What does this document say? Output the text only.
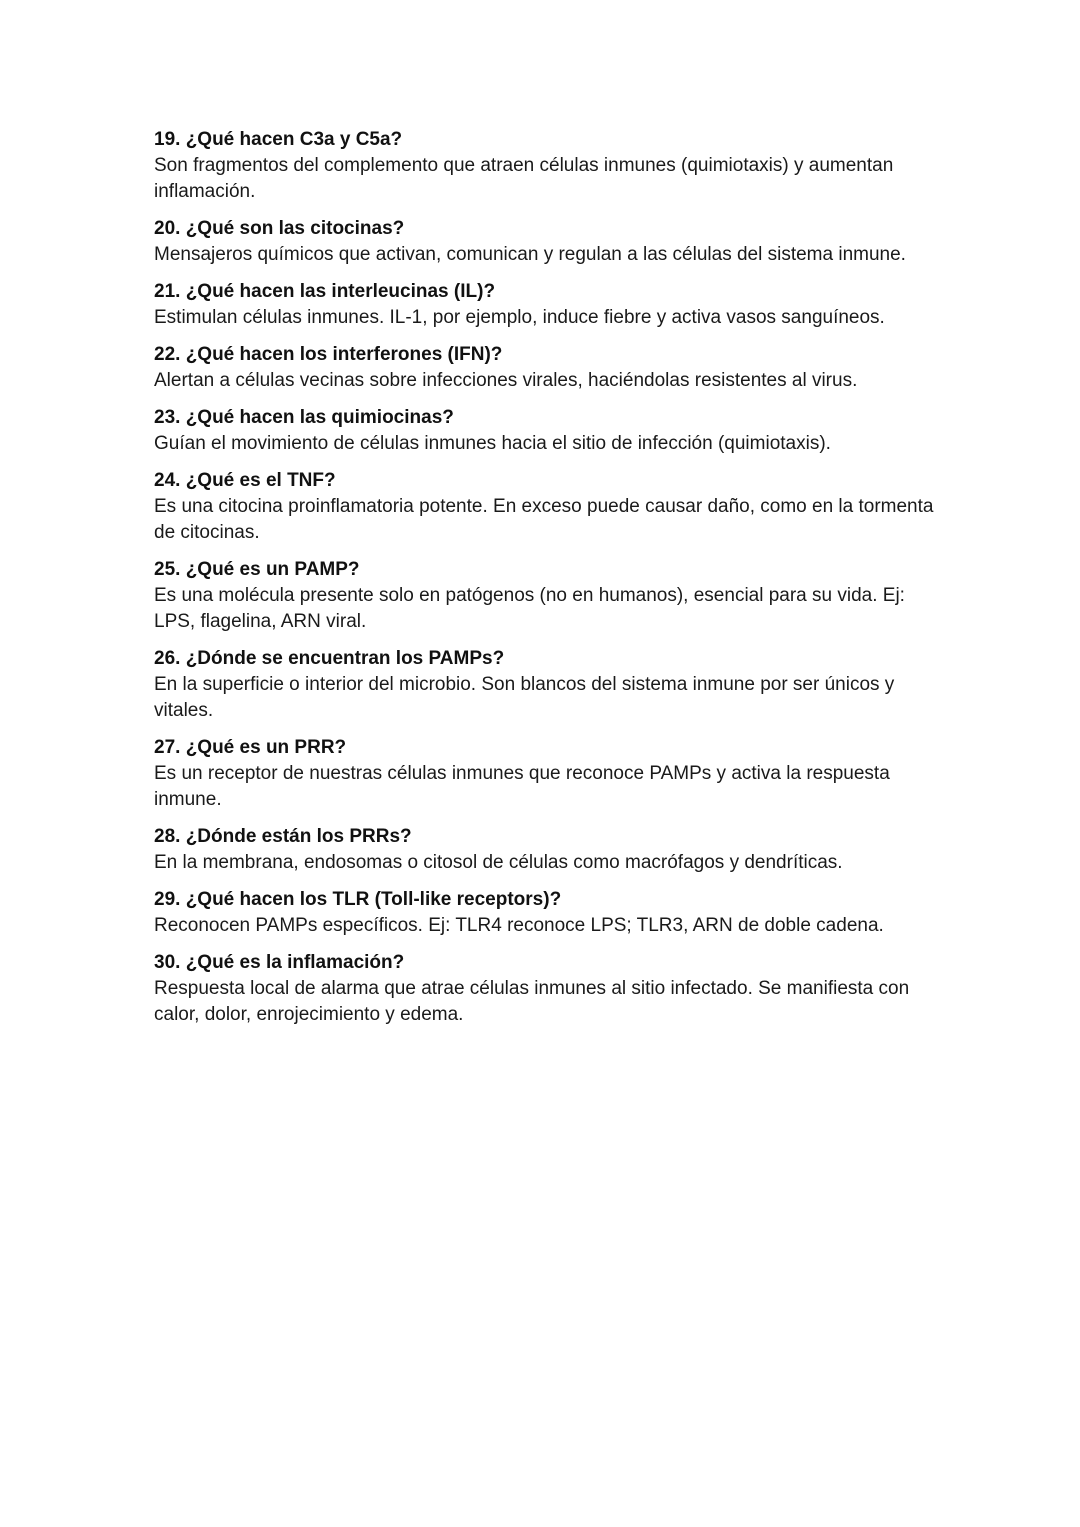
19. ¿Qué hacen C3a y C5a?

Son fragmentos del complemento que atraen células inmunes (quimiotaxis) y aumentan inflamación.

20. ¿Qué son las citocinas?

Mensajeros químicos que activan, comunican y regulan a las células del sistema inmune.

21. ¿Qué hacen las interleucinas (IL)?

Estimulan células inmunes. IL-1, por ejemplo, induce fiebre y activa vasos sanguíneos.

22. ¿Qué hacen los interferones (IFN)?

Alertan a células vecinas sobre infecciones virales, haciéndolas resistentes al virus.

23. ¿Qué hacen las quimiocinas?

Guían el movimiento de células inmunes hacia el sitio de infección (quimiotaxis).

24. ¿Qué es el TNF?

Es una citocina proinflamatoria potente. En exceso puede causar daño, como en la tormenta de citocinas.

25. ¿Qué es un PAMP?

Es una molécula presente solo en patógenos (no en humanos), esencial para su vida. Ej: LPS, flagelina, ARN viral.

26. ¿Dónde se encuentran los PAMPs?

En la superficie o interior del microbio. Son blancos del sistema inmune por ser únicos y vitales.

27. ¿Qué es un PRR?

Es un receptor de nuestras células inmunes que reconoce PAMPs y activa la respuesta inmune.

28. ¿Dónde están los PRRs?

En la membrana, endosomas o citosol de células como macrófagos y dendríticas.

29. ¿Qué hacen los TLR (Toll-like receptors)?

Reconocen PAMPs específicos. Ej: TLR4 reconoce LPS; TLR3, ARN de doble cadena.

30. ¿Qué es la inflamación?

Respuesta local de alarma que atrae células inmunes al sitio infectado. Se manifiesta con calor, dolor, enrojecimiento y edema.
